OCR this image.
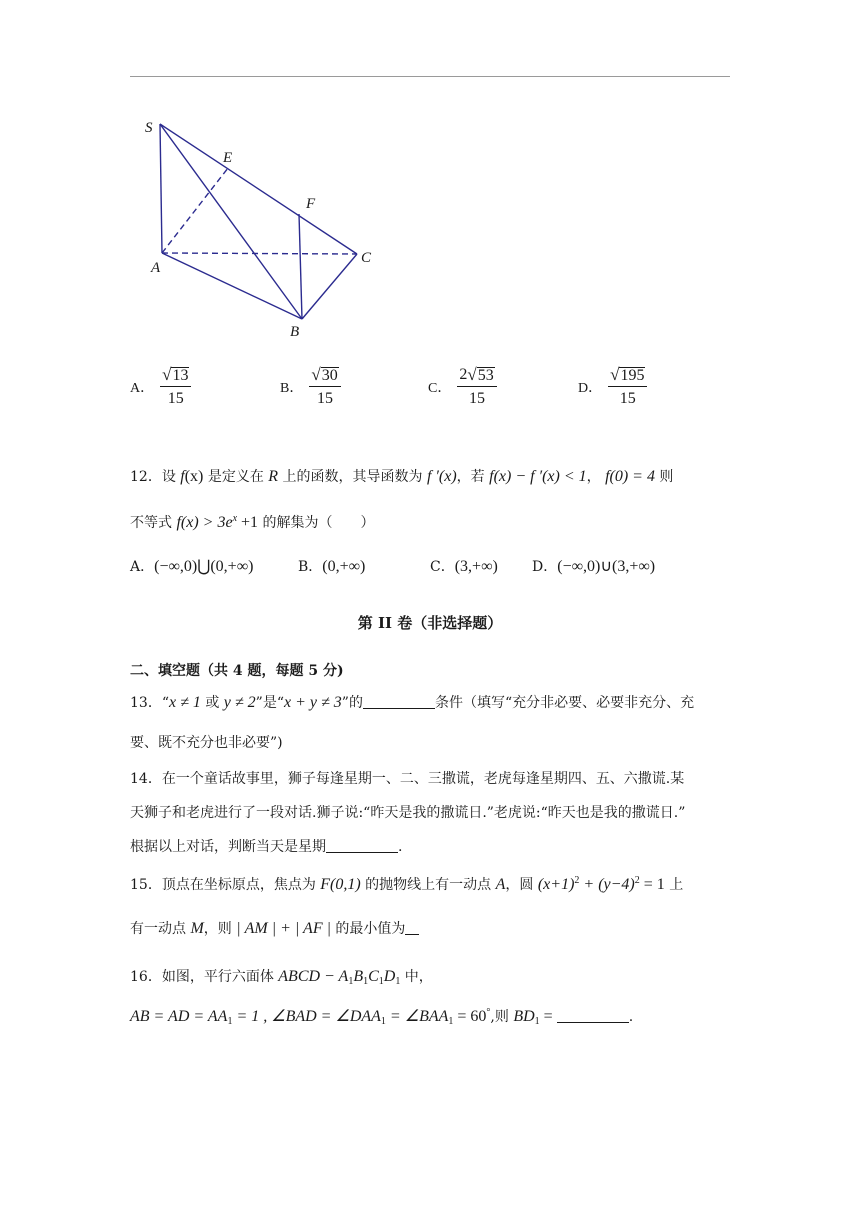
S
E
F
A
B
C
A． $\frac{√ 13}{15}$	B． $\frac{√ 30}{15}$	C． $\frac{2 √ 53}{15}$	D． $\frac{√ 195}{15}$
12．设 f(x) 是定义在 R 上的函数，其导函数为 f ′(x)，若 f(x) − f ′(x) < 1， f(0) = 4 则
不等式 $f(x) > 3e^x +1$ 的解集为（　　）
A．(−∞,0)⋃(0,+∞)	B．(0,+∞)	C．(3,+∞) D．(−∞,0)∪(3,+∞)
第 II 卷（非选择题）
二、填空题（共 4 题，每题 5 分)
13．“x ≠ 1 或 y ≠ 2”是“x + y ≠ 3”的	条件（填写“充分非必要、必要非充分、充
要、既不充分也非必要”)
14．在一个童话故事里，狮子每逢星期一、二、三撒谎，老虎每逢星期四、五、六撒谎.某
天狮子和老虎进行了一段对话.狮子说:“昨天是我的撒谎日.”老虎说:“昨天也是我的撒谎日.”
根据以上对话，判断当天是星期	.
15．顶点在坐标原点，焦点为 F(0,1) 的抛物线上有一动点 A，圆 $(x+1)^2 + (y-4)^2 = 1$ 上
有一动点 M，则 | AM | + | AF | 的最小值为
16．如图，平行六面体 ABCD − $A_1B_1C_1D_1$ 中，
AB = AD = $AA_1 = 1$ , ∠BAD = $\angle DAA_1$ = $\angle BAA_1 = 60^\circ$,则 $BD_1$ =	.
